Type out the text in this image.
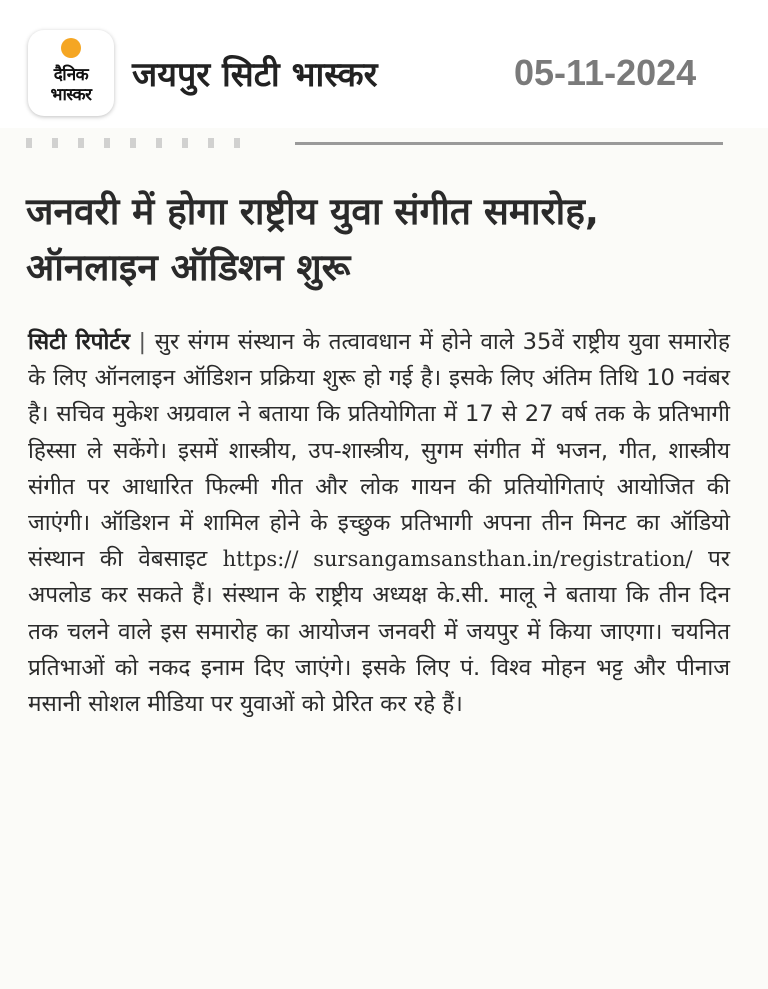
दैनिक
भास्कर	जयपुर सिटी भास्कर	05-11-2024
जनवरी में होगा राष्ट्रीय युवा संगीत समारोह, ऑनलाइन ऑडिशन शुरू

सिटी रिपोर्टर | सुर संगम संस्थान के तत्वावधान में होने वाले 35वें राष्ट्रीय युवा समारोह के लिए ऑनलाइन ऑडिशन प्रक्रिया शुरू हो गई है। इसके लिए अंतिम तिथि 10 नवंबर है। सचिव मुकेश अग्रवाल ने बताया कि प्रतियोगिता में 17 से 27 वर्ष तक के प्रतिभागी हिस्सा ले सकेंगे। इसमें शास्त्रीय, उप-शास्त्रीय, सुगम संगीत में भजन, गीत, शास्त्रीय संगीत पर आधारित फिल्मी गीत और लोक गायन की प्रतियोगिताएं आयोजित की जाएंगी। ऑडिशन में शामिल होने के इच्छुक प्रतिभागी अपना तीन मिनट का ऑडियो संस्थान की वेबसाइट https:// sursangamsansthan.in/registration/ पर अपलोड कर सकते हैं। संस्थान के राष्ट्रीय अध्यक्ष के.सी. मालू ने बताया कि तीन दिन तक चलने वाले इस समारोह का आयोजन जनवरी में जयपुर में किया जाएगा। चयनित प्रतिभाओं को नकद इनाम दिए जाएंगे। इसके लिए पं. विश्व मोहन भट्ट और पीनाज मसानी सोशल मीडिया पर युवाओं को प्रेरित कर रहे हैं।
